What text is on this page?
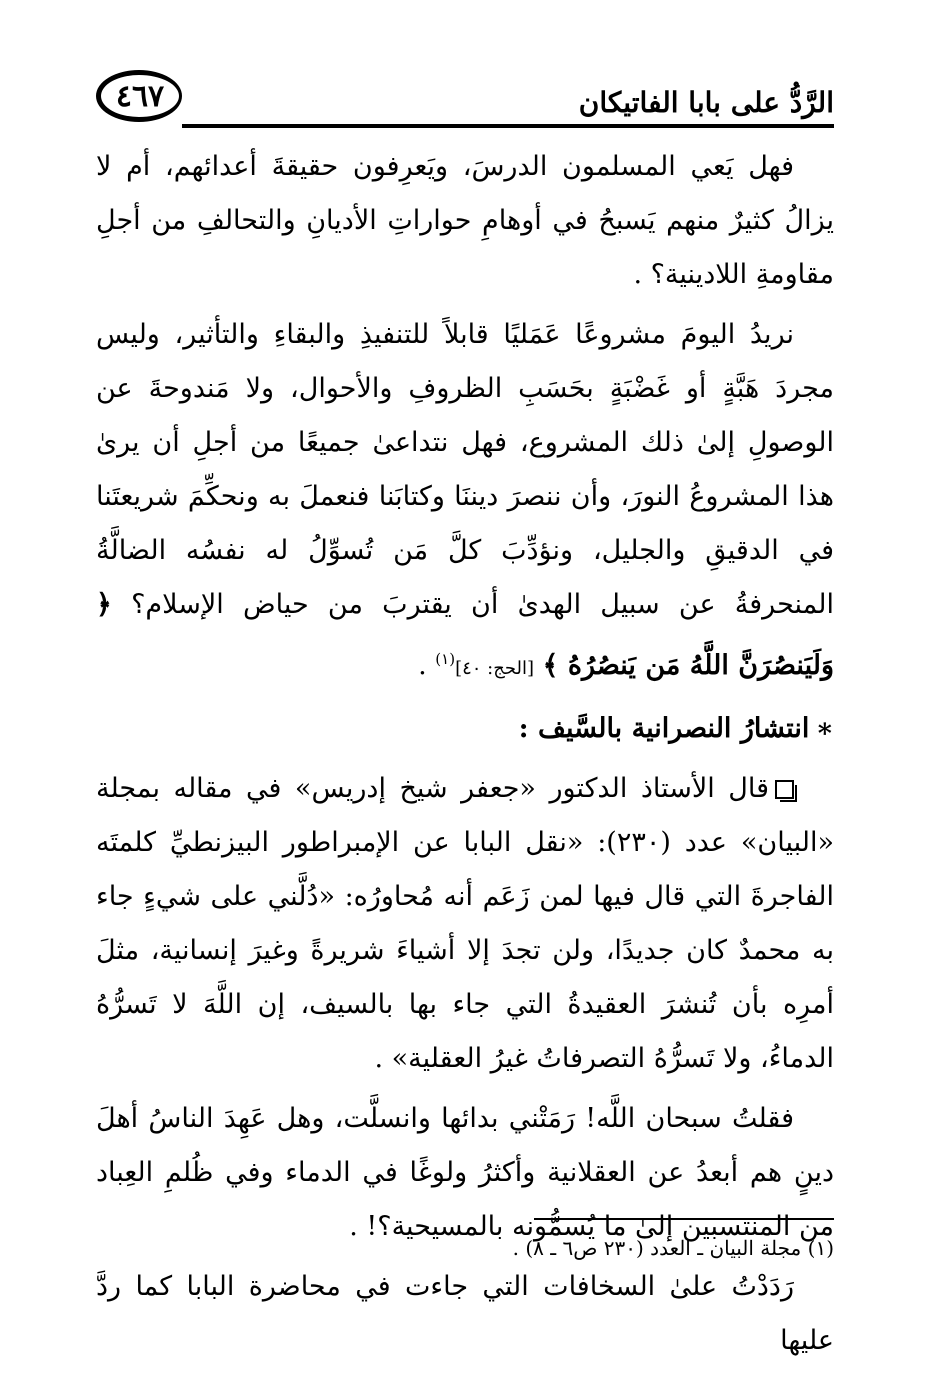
الرَّدُّ على بابا الفاتيكان
٤٦٧

فهل يَعي المسلمون الدرسَ، ويَعرِفون حقيقةَ أعدائهم، أم لا يزالُ كثيرٌ منهم يَسبحُ في أوهامِ حواراتِ الأديانِ والتحالفِ من أجلِ مقاومةِ اللادينية؟ .

نريدُ اليومَ مشروعًا عَمَليًا قابلاً للتنفيذِ والبقاءِ والتأثير، وليس مجردَ هَبَّةٍ أو غَضْبَةٍ بحَسَبِ الظروفِ والأحوال، ولا مَندوحةَ عن الوصولِ إلىٰ ذلك المشروع، فهل نتداعىٰ جميعًا من أجلِ أن يرىٰ هذا المشروعُ النورَ، وأن ننصرَ ديننَا وكتابَنا فنعملَ به ونحكِّمَ شريعتَنا في الدقيقِ والجليل، ونؤدِّبَ كلَّ مَن تُسوِّلُ له نفسُه الضالَّةُ المنحرفةُ عن سبيل الهدىٰ أن يقتربَ من حياض الإسلام؟ ﴿ وَلَيَنصُرَنَّ اللَّهُ مَن يَنصُرُهُ ﴾ [الحج: ٤٠]$^{(١)}$ .

∗انتشارُ النصرانية بالسَّيف :

قال الأستاذ الدكتور «جعفر شيخ إدريس» في مقاله بمجلة «البيان» عدد (٢٣٠): «نقل البابا عن الإمبراطور البيزنطيِّ كلمتَه الفاجرةَ التي قال فيها لمن زَعَم أنه مُحاورُه: «دُلَّني على شيءٍ جاء به محمدٌ كان جديدًا، ولن تجدَ إلا أشياءَ شريرةً وغيرَ إنسانية، مثلَ أمرِه بأن تُنشرَ العقيدةُ التي جاء بها بالسيف، إن اللَّهَ لا تَسرُّهُ الدماءُ، ولا تَسرُّهُ التصرفاتُ غيرُ العقلية» .

فقلتُ سبحان اللَّه! رَمَتْني بدائها وانسلَّت، وهل عَهِدَ الناسُ أهلَ دينٍ هم أبعدُ عن العقلانية وأكثرُ ولوغًا في الدماء وفي ظُلمِ العِباد من المنتسبين إلىٰ ما يُسمُّونه بالمسيحية؟! .

رَدَدْتُ علىٰ السخافات التي جاءت في محاضرة البابا كما ردَّ عليها

(١) مجلة البيان ـ العدد (٢٣٠ ص٦ ـ ٨) .
